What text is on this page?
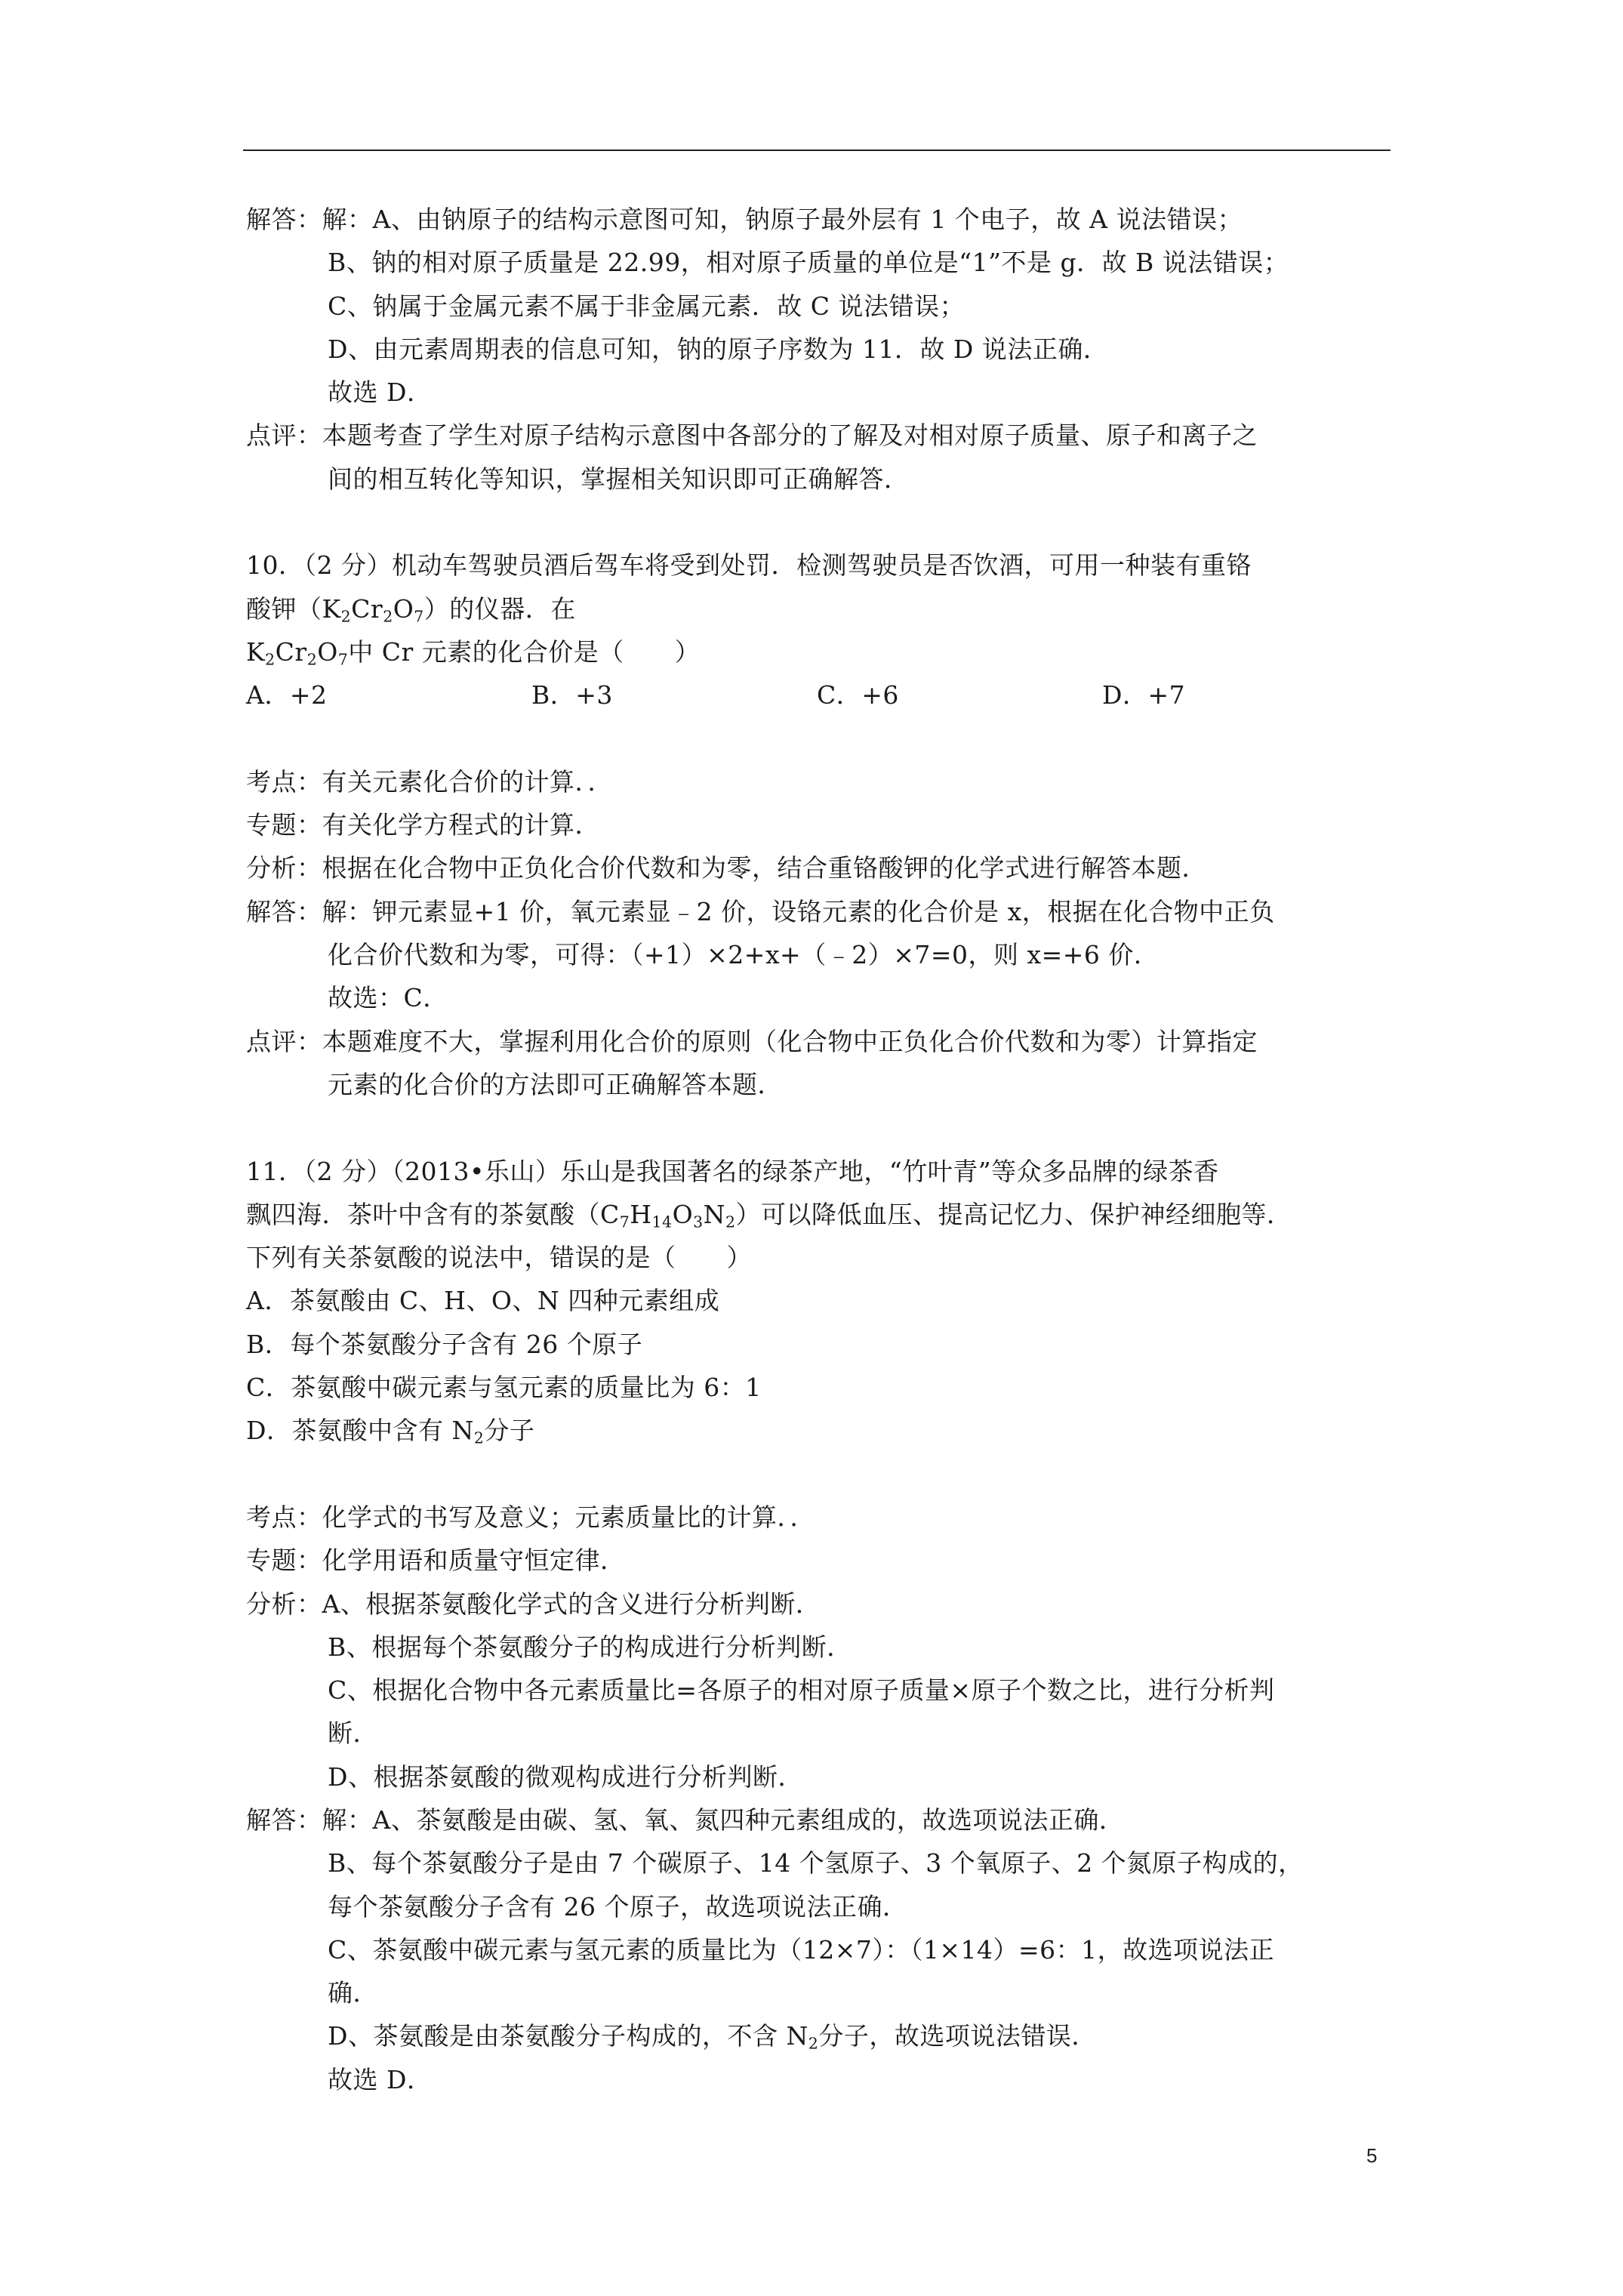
解答：解：A、由钠原子的结构示意图可知，钠原子最外层有 1 个电子，故 A 说法错误；
B、钠的相对原子质量是 22.99，相对原子质量的单位是“1”不是 g．故 B 说法错误；
C、钠属于金属元素不属于非金属元素．故 C 说法错误；
D、由元素周期表的信息可知，钠的原子序数为 11．故 D 说法正确．
故选 D．
点评：本题考查了学生对原子结构示意图中各部分的了解及对相对原子质量、原子和离子之
间的相互转化等知识，掌握相关知识即可正确解答．
10．（2 分）机动车驾驶员酒后驾车将受到处罚．检测驾驶员是否饮酒，可用一种装有重铬
酸钾$(K_2Cr_2O_7)$的仪器．在
$K_2Cr_2O_7$中 Cr 元素的化合价是（　　）
A．+2	B．+3	C．+6	D．+7
考点：有关元素化合价的计算．．
专题：有关化学方程式的计算．
分析：根据在化合物中正负化合价代数和为零，结合重铬酸钾的化学式进行解答本题．
解答：解：钾元素显+1 价，氧元素显﹣2 价，设铬元素的化合价是 x，根据在化合物中正负
化合价代数和为零，可得：（+1）×2+x+（﹣2）×7=0，则 x=+6 价．
故选：C．
点评：本题难度不大，掌握利用化合价的原则（化合物中正负化合价代数和为零）计算指定
元素的化合价的方法即可正确解答本题．
11．（2 分）（2013•乐山）乐山是我国著名的绿茶产地，“竹叶青”等众多品牌的绿茶香
飘四海．茶叶中含有的茶氨酸$(C_7H_{14}O_3N_2)$可以降低血压、提高记忆力、保护神经细胞等．
下列有关茶氨酸的说法中，错误的是（　　）
A．茶氨酸由 C、H、O、N 四种元素组成
B．每个茶氨酸分子含有 26 个原子
C．茶氨酸中碳元素与氢元素的质量比为 6：1
D．茶氨酸中含有 $N_2$分子
考点：化学式的书写及意义；元素质量比的计算．．
专题：化学用语和质量守恒定律．
分析：A、根据茶氨酸化学式的含义进行分析判断．
B、根据每个茶氨酸分子的构成进行分析判断．
C、根据化合物中各元素质量比=各原子的相对原子质量×原子个数之比，进行分析判
断．
D、根据茶氨酸的微观构成进行分析判断．
解答：解：A、茶氨酸是由碳、氢、氧、氮四种元素组成的，故选项说法正确．
B、每个茶氨酸分子是由 7 个碳原子、14 个氢原子、3 个氧原子、2 个氮原子构成的，
每个茶氨酸分子含有 26 个原子，故选项说法正确．
C、茶氨酸中碳元素与氢元素的质量比为（12×7）：（1×14）=6：1，故选项说法正
确．
D、茶氨酸是由茶氨酸分子构成的，不含 $N_2$分子，故选项说法错误．
故选 D．
5
